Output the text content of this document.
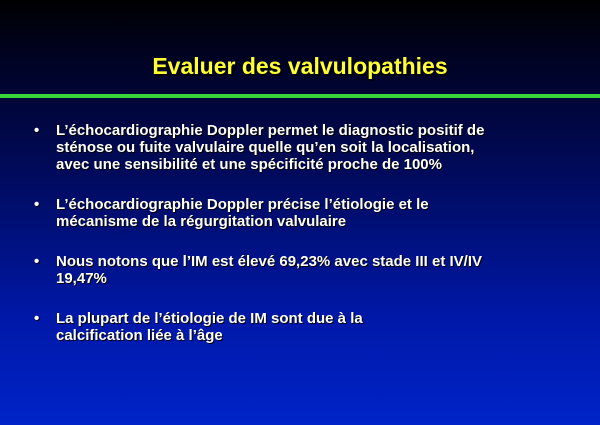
Evaluer des valvulopathies
•	L’échocardiographie Doppler permet le diagnostic positif de
sténose ou fuite valvulaire quelle qu’en soit la localisation,
avec une sensibilité et une spécificité proche de 100%
•	L’échocardiographie Doppler précise l’étiologie et le
mécanisme de la régurgitation valvulaire
•	Nous notons que l’IM est élevé 69,23% avec stade III et IV/IV
19,47%
•	La plupart de l’étiologie de IM sont due à la
calcification liée à l’âge
